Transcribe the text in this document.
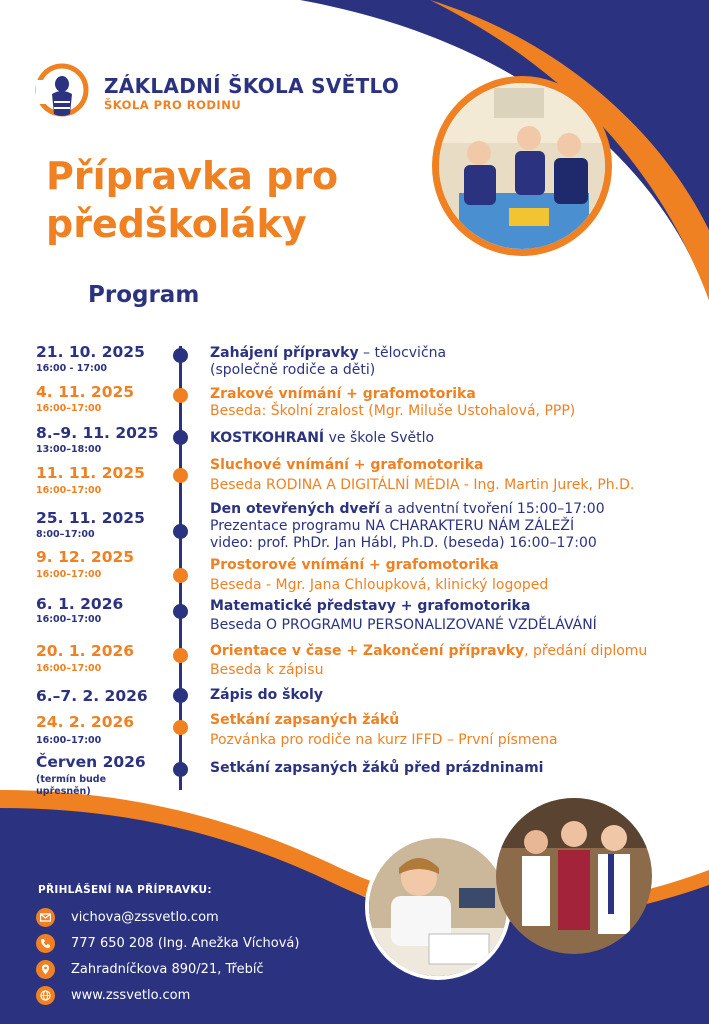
ZÁKLADNÍ ŠKOLA SVĚTLO
ŠKOLA PRO RODINU
Přípravka pro
předškoláky
Program
21. 10. 2025
16:00 - 17:00
Zahájení přípravky – tělocvična
(společně rodiče a děti)
4. 11. 2025
16:00–17:00
Zrakové vnímání + grafomotorika
Beseda: Školní zralost (Mgr. Miluše Ustohalová, PPP)
8.–9. 11. 2025
13:00–18:00
KOSTKOHRANÍ ve škole Světlo
11. 11. 2025
16:00–17:00
Sluchové vnímání + grafomotorika
Beseda RODINA A DIGITÁLNÍ MÉDIA - Ing. Martin Jurek, Ph.D.
25. 11. 2025
8:00–17:00
Den otevřených dveří a adventní tvoření 15:00–17:00
Prezentace programu NA CHARAKTERU NÁM ZÁLEŽÍ
video: prof. PhDr. Jan Hábl, Ph.D. (beseda) 16:00–17:00
9. 12. 2025
16:00–17:00
Prostorové vnímání + grafomotorika
Beseda - Mgr. Jana Chloupková, klinický logoped
6. 1. 2026
16:00–17:00
Matematické představy + grafomotorika
Beseda O PROGRAMU PERSONALIZOVANÉ VZDĚLÁVÁNÍ
20. 1. 2026
16:00–17:00
Orientace v čase + Zakončení přípravky, předání diplomu
Beseda k zápisu
6.–7. 2. 2026	Zápis do školy
24. 2. 2026
16:00–17:00
Setkání zapsaných žáků
Pozvánka pro rodiče na kurz IFFD – První písmena
Červen 2026
(termín bude
upřesněn)
Setkání zapsaných žáků před prázdninami
PŘIHLÁŠENÍ NA PŘÍPRAVKU:
vichova@zssvetlo.com
777 650 208 (Ing. Anežka Víchová)
Zahradníčkova 890/21, Třebíč
www.zssvetlo.com
